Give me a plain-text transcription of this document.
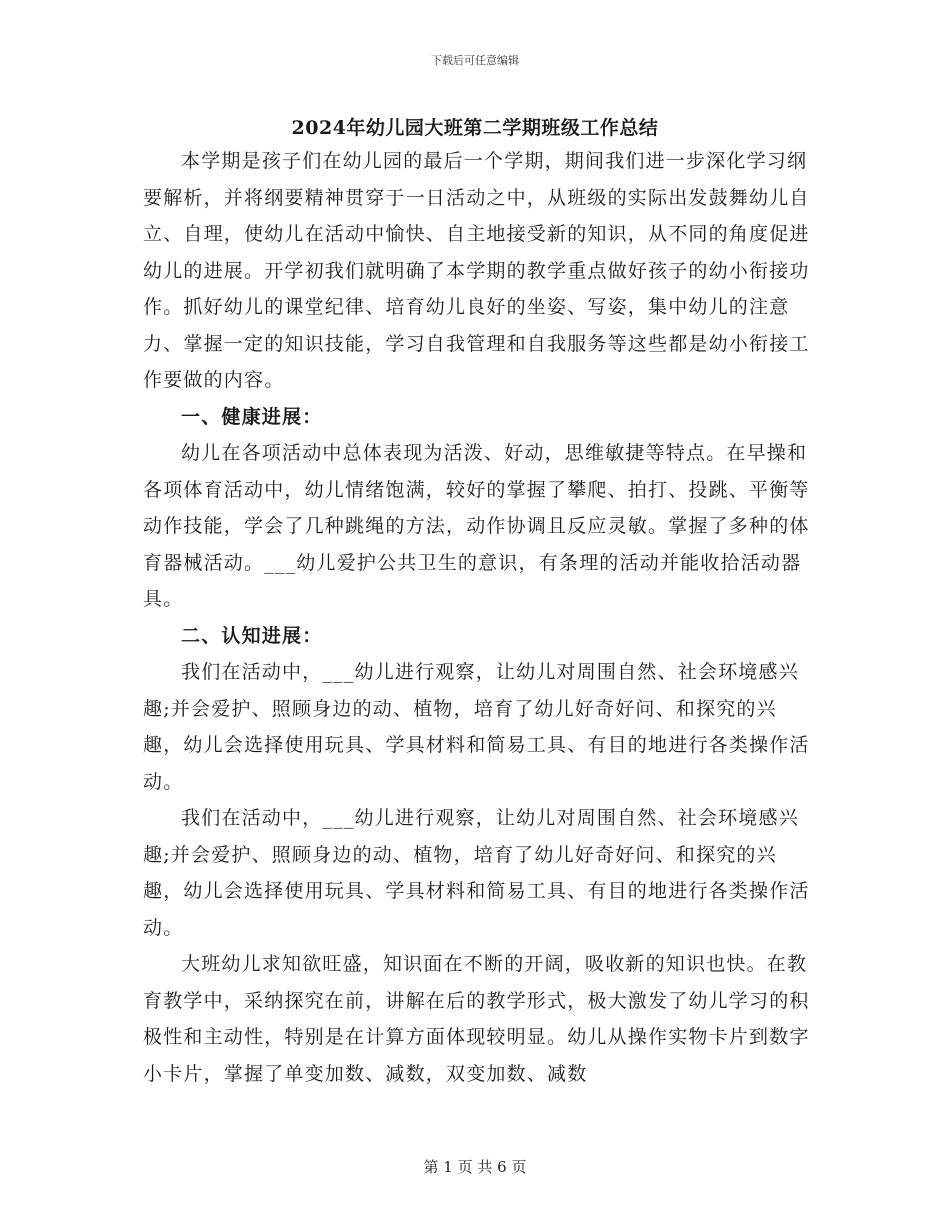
下载后可任意编辑
2024年幼儿园大班第二学期班级工作总结

本学期是孩子们在幼儿园的最后一个学期，期间我们进一步深化学习纲要解析，并将纲要精神贯穿于一日活动之中，从班级的实际出发鼓舞幼儿自立、自理，使幼儿在活动中愉快、自主地接受新的知识，从不同的角度促进幼儿的进展。开学初我们就明确了本学期的教学重点做好孩子的幼小衔接功作。抓好幼儿的课堂纪律、培育幼儿良好的坐姿、写姿，集中幼儿的注意力、掌握一定的知识技能，学习自我管理和自我服务等这些都是幼小衔接工作要做的内容。

一、健康进展：

幼儿在各项活动中总体表现为活泼、好动，思维敏捷等特点。在早操和各项体育活动中，幼儿情绪饱满，较好的掌握了攀爬、拍打、投跳、平衡等动作技能，学会了几种跳绳的方法，动作协调且反应灵敏。掌握了多种的体育器械活动。___幼儿爱护公共卫生的意识，有条理的活动并能收拾活动器具。

二、认知进展：

我们在活动中，___幼儿进行观察，让幼儿对周围自然、社会环境感兴趣;并会爱护、照顾身边的动、植物，培育了幼儿好奇好问、和探究的兴趣，幼儿会选择使用玩具、学具材料和简易工具、有目的地进行各类操作活动。

我们在活动中，___幼儿进行观察，让幼儿对周围自然、社会环境感兴趣;并会爱护、照顾身边的动、植物，培育了幼儿好奇好问、和探究的兴趣，幼儿会选择使用玩具、学具材料和简易工具、有目的地进行各类操作活动。

大班幼儿求知欲旺盛，知识面在不断的开阔，吸收新的知识也快。在教育教学中，采纳探究在前，讲解在后的教学形式，极大激发了幼儿学习的积极性和主动性，特别是在计算方面体现较明显。幼儿从操作实物卡片到数字小卡片，掌握了单变加数、减数，双变加数、减数

第 1 页 共 6 页
